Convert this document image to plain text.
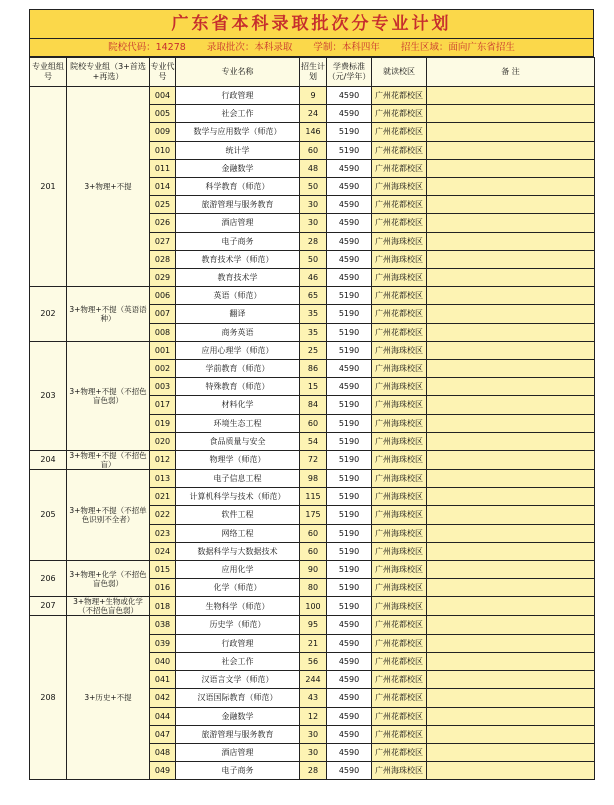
广东省本科录取批次分专业计划
院校代码：14278 录取批次：本科录取 学制：本科四年 招生区域：面向广东省招生
专业组组号	院校专业组（3+首选+再选）	专业代号	专业名称	招生计划	学费标准（元/学年）	就读校区	备 注
201	3+物理+不提	004	行政管理	9	4590	广州花都校区	
		005	社会工作	24	4590	广州花都校区	
		009	数学与应用数学（师范）	146	5190	广州花都校区	
		010	统计学	60	5190	广州花都校区	
		011	金融数学	48	4590	广州花都校区	
		014	科学教育（师范）	50	4590	广州海珠校区	
		025	旅游管理与服务教育	30	4590	广州花都校区	
		026	酒店管理	30	4590	广州花都校区	
		027	电子商务	28	4590	广州海珠校区	
		028	教育技术学（师范）	50	4590	广州海珠校区	
		029	教育技术学	46	4590	广州海珠校区	
202	3+物理+不提（英语语种）	006	英语（师范）	65	5190	广州花都校区	
		007	翻译	35	5190	广州花都校区	
		008	商务英语	35	5190	广州花都校区	
203	3+物理+不提（不招色盲色弱）	001	应用心理学（师范）	25	5190	广州海珠校区	
		002	学前教育（师范）	86	4590	广州海珠校区	
		003	特殊教育（师范）	15	4590	广州海珠校区	
		017	材料化学	84	5190	广州海珠校区	
		019	环境生态工程	60	5190	广州海珠校区	
		020	食品质量与安全	54	5190	广州海珠校区	
204	3+物理+不提（不招色盲）	012	物理学（师范）	72	5190	广州海珠校区	
205	3+物理+不提（不招单色识别不全者）	013	电子信息工程	98	5190	广州海珠校区	
		021	计算机科学与技术（师范）	115	5190	广州海珠校区	
		022	软件工程	175	5190	广州海珠校区	
		023	网络工程	60	5190	广州海珠校区	
		024	数据科学与大数据技术	60	5190	广州海珠校区	
206	3+物理+化学（不招色盲色弱）	015	应用化学	90	5190	广州海珠校区	
		016	化学（师范）	80	5190	广州海珠校区	
207	3+物理+生物或化学（不招色盲色弱）	018	生物科学（师范）	100	5190	广州海珠校区	
208	3+历史+不提	038	历史学（师范）	95	4590	广州花都校区	
		039	行政管理	21	4590	广州花都校区	
		040	社会工作	56	4590	广州花都校区	
		041	汉语言文学（师范）	244	4590	广州花都校区	
		042	汉语国际教育（师范）	43	4590	广州花都校区	
		044	金融数学	12	4590	广州花都校区	
		047	旅游管理与服务教育	30	4590	广州花都校区	
		048	酒店管理	30	4590	广州花都校区	
		049	电子商务	28	4590	广州海珠校区	
